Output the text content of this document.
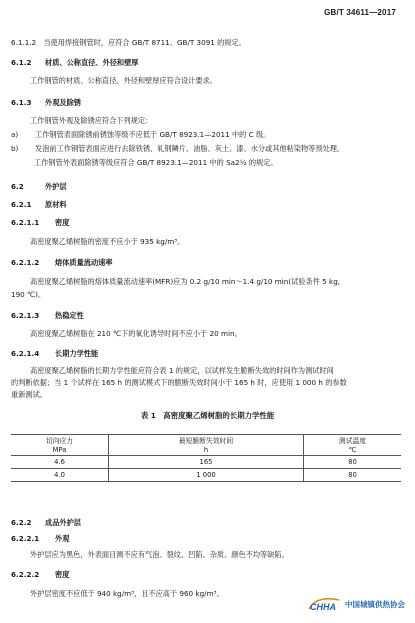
GB/T 34611—2017
6.1.1.2　当使用焊接钢管时，应符合 GB/T 8711、GB/T 3091 的规定。
6.1.2 材质、公称直径、外径和壁厚
工作钢管的材质、公称直径、外径和壁厚应符合设计要求。
6.1.3 外观及除锈
工作钢管外观及除锈应符合下列规定：
a) 工作钢管表面除锈前锈蚀等级不应低于 GB/T 8923.1—2011 中的 C 级。
b) 发泡前工作钢管表面应进行去除铁锈、轧钢鳞片、油脂、灰土、漆、水分或其他粘染物等预处理。
工作钢管外表面除锈等级应符合 GB/T 8923.1—2011 中的 Sa2½ 的规定。
6.2	外护层
6.2.1 原材料
6.2.1.1 密度
高密度聚乙烯树脂的密度不应小于 935 kg/m³。
6.2.1.2 熔体质量流动速率
高密度聚乙烯树脂的熔体质量流动速率(MFR)应为 0.2 g/10 min～1.4 g/10 min(试验条件 5 kg,
190 ℃)。
6.2.1.3 热稳定性
高密度聚乙烯树脂在 210 ℃下的氧化诱导时间不应小于 20 min。
6.2.1.4 长期力学性能
高密度聚乙烯树脂的长期力学性能应符合表 1 的规定，以试样发生脆断失效的时间作为测试时间
的判断依据；当 1 个试样在 165 h 的测试模式下的脆断失效时间小于 165 h 时，应使用 1 000 h 的参数
重新测试。
表 1　高密度聚乙烯树脂的长期力学性能
切向应力	最短脆断失效时间	测试温度
MPa	h	℃
4.6	165	80
4.0	1 000	80
6.2.2 成品外护层
6.2.2.1 外观
外护层应为黑色，外表面目测不应有气泡、裂纹、凹陷、杂质、颜色不均等缺陷。
6.2.2.2 密度
外护层密度不应低于 940 kg/m³，且不应高于 960 kg/m³。
CHHA 中国城镇供热协会
